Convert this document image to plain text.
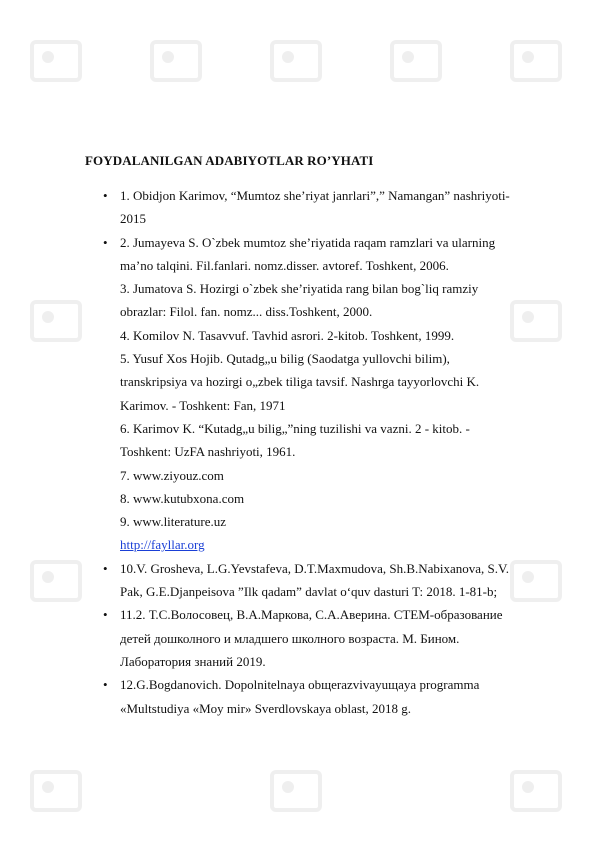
FOYDALANILGAN ADABIYOTLAR RO’YHATI
• 1. Obidjon Karimov, “Mumtoz she’riyat janrlari”,” Namangan” nashriyoti-
2015
• 2. Jumayeva S. O`zbek mumtoz she’riyatida raqam ramzlari va ularning
ma’no talqini. Fil.fanlari. nomz.disser. avtoref. Toshkent, 2006.
3. Jumatova S. Hozirgi o`zbek she’riyatida rang bilan bog`liq ramziy
obrazlar: Filol. fan. nomz... diss.Toshkent, 2000.
4. Komilov N. Tasavvuf. Tavhid asrori. 2-kitob. Toshkent, 1999.
5. Yusuf Xos Hojib. Qutadg„u bilig (Saodatga yullovchi bilim),
transkripsiya va hozirgi o„zbek tiliga tavsif. Nashrga tayyorlovchi K.
Karimov. - Toshkent: Fan, 1971
6. Karimov K. “Kutadg„u bilig„”ning tuzilishi va vazni. 2 - kitob. -
Toshkent: UzFA nashriyoti, 1961.
7. www.ziyouz.com
8. www.kutubxona.com
9. www.literature.uz
http://fayllar.org
• 10.V. Grosheva, L.G.Yevstafeva, D.T.Maxmudova, Sh.B.Nabixanova, S.V.
Pak, G.E.Djanpeisova ”Ilk qadam” davlat o‘quv dasturi T: 2018. 1-81-b;
• 11.2. Т.С.Волосовец, В.А.Маркова, С.А.Аверина. СТЕМ-образование
детей дошколного и младшего школного возраста. М. Бином.
Лаборатория знаний 2019.
• 12.G.Bogdanovich. Dopolnitelnaya obщerazvivayuщaya programma
«Multstudiya «Moy mir» Sverdlovskaya oblast, 2018 g.
